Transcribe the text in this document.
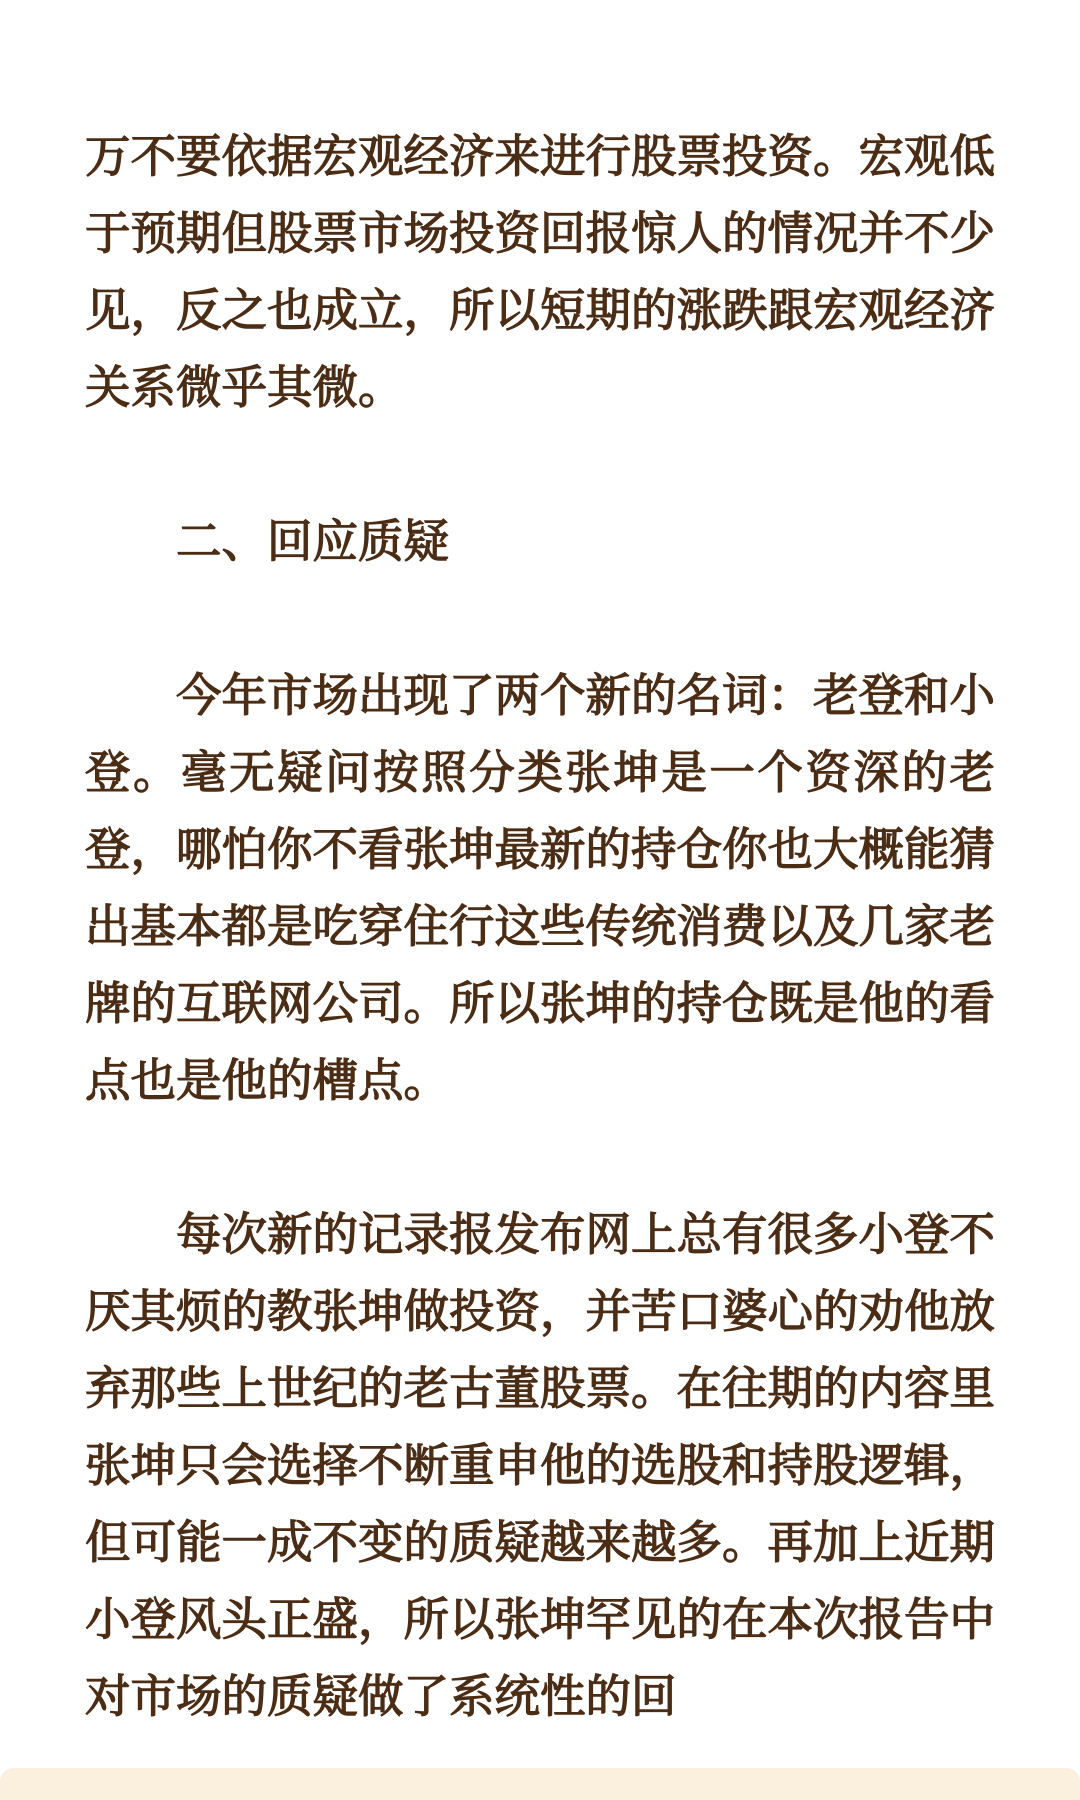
万不要依据宏观经济来进行股票投资。宏观低于预期但股票市场投资回报惊人的情况并不少见，反之也成立，所以短期的涨跌跟宏观经济关系微乎其微。

二、回应质疑

今年市场出现了两个新的名词：老登和小登。毫无疑问按照分类张坤是一个资深的老登，哪怕你不看张坤最新的持仓你也大概能猜出基本都是吃穿住行这些传统消费以及几家老牌的互联网公司。所以张坤的持仓既是他的看点也是他的槽点。

每次新的记录报发布网上总有很多小登不厌其烦的教张坤做投资，并苦口婆心的劝他放弃那些上世纪的老古董股票。在往期的内容里张坤只会选择不断重申他的选股和持股逻辑，但可能一成不变的质疑越来越多。再加上近期小登风头正盛，所以张坤罕见的在本次报告中对市场的质疑做了系统性的回
